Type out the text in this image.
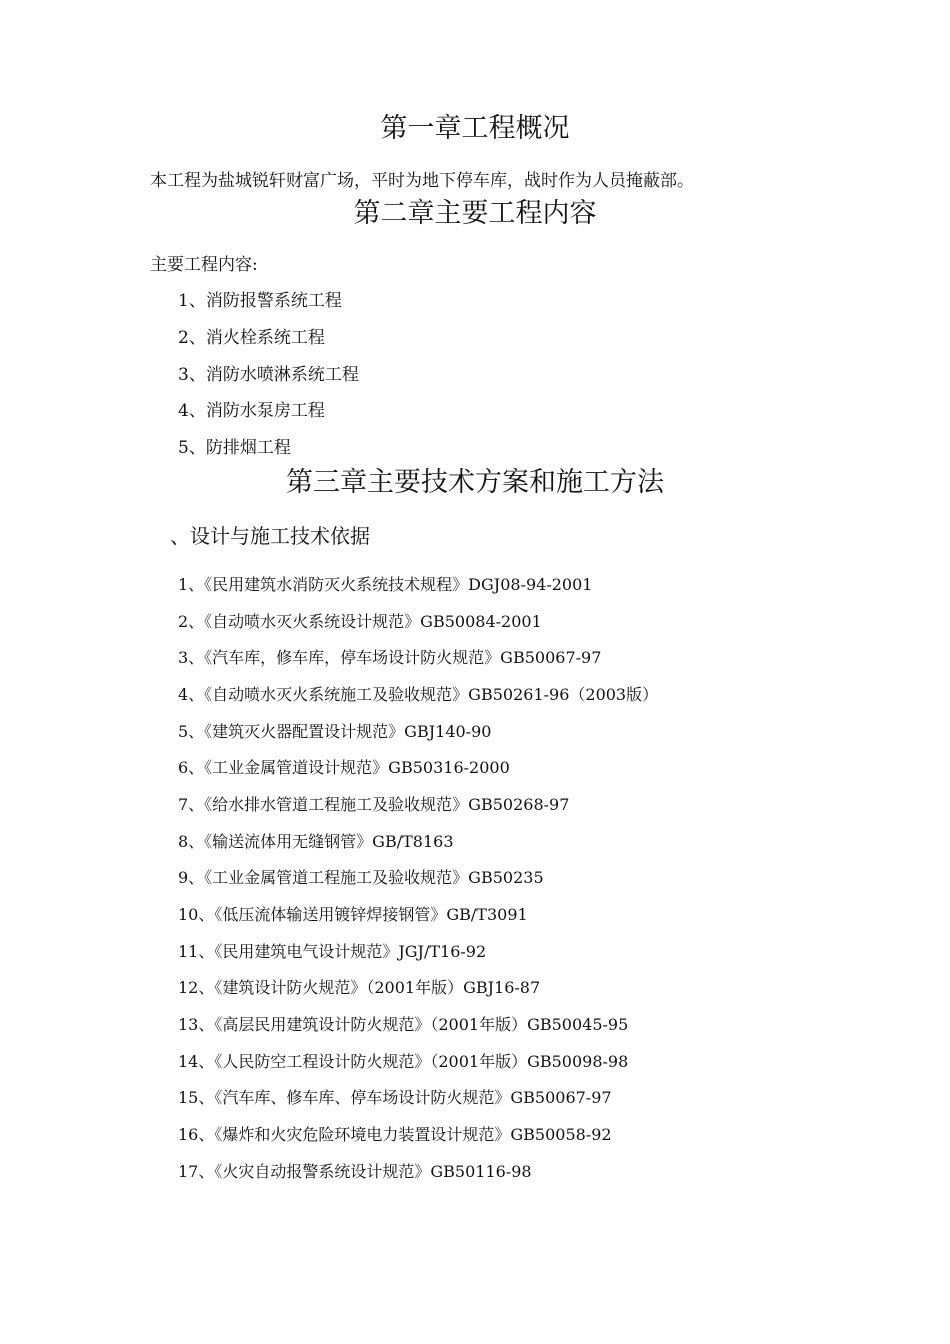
第一章工程概况
本工程为盐城锐轩财富广场，平时为地下停车库，战时作为人员掩蔽部。
第二章主要工程内容
主要工程内容:
1、消防报警系统工程
2、消火栓系统工程
3、消防水喷淋系统工程
4、消防水泵房工程
5、防排烟工程
第三章主要技术方案和施工方法
、设计与施工技术依据
1、《民用建筑水消防灭火系统技术规程》DGJ08-94-2001
2、《自动喷水灭火系统设计规范》GB50084-2001
3、《汽车库，修车库，停车场设计防火规范》GB50067-97
4、《自动喷水灭火系统施工及验收规范》GB50261-96（2003版）
5、《建筑灭火器配置设计规范》GBJ140-90
6、《工业金属管道设计规范》GB50316-2000
7、《给水排水管道工程施工及验收规范》GB50268-97
8、《输送流体用无缝钢管》GB/T8163
9、《工业金属管道工程施工及验收规范》GB50235
10、《低压流体输送用镀锌焊接钢管》GB/T3091
11、《民用建筑电气设计规范》JGJ/T16-92
12、《建筑设计防火规范》（2001年版）GBJ16-87
13、《高层民用建筑设计防火规范》（2001年版）GB50045-95
14、《人民防空工程设计防火规范》（2001年版）GB50098-98
15、《汽车库、修车库、停车场设计防火规范》GB50067-97
16、《爆炸和火灾危险环境电力装置设计规范》GB50058-92
17、《火灾自动报警系统设计规范》GB50116-98
